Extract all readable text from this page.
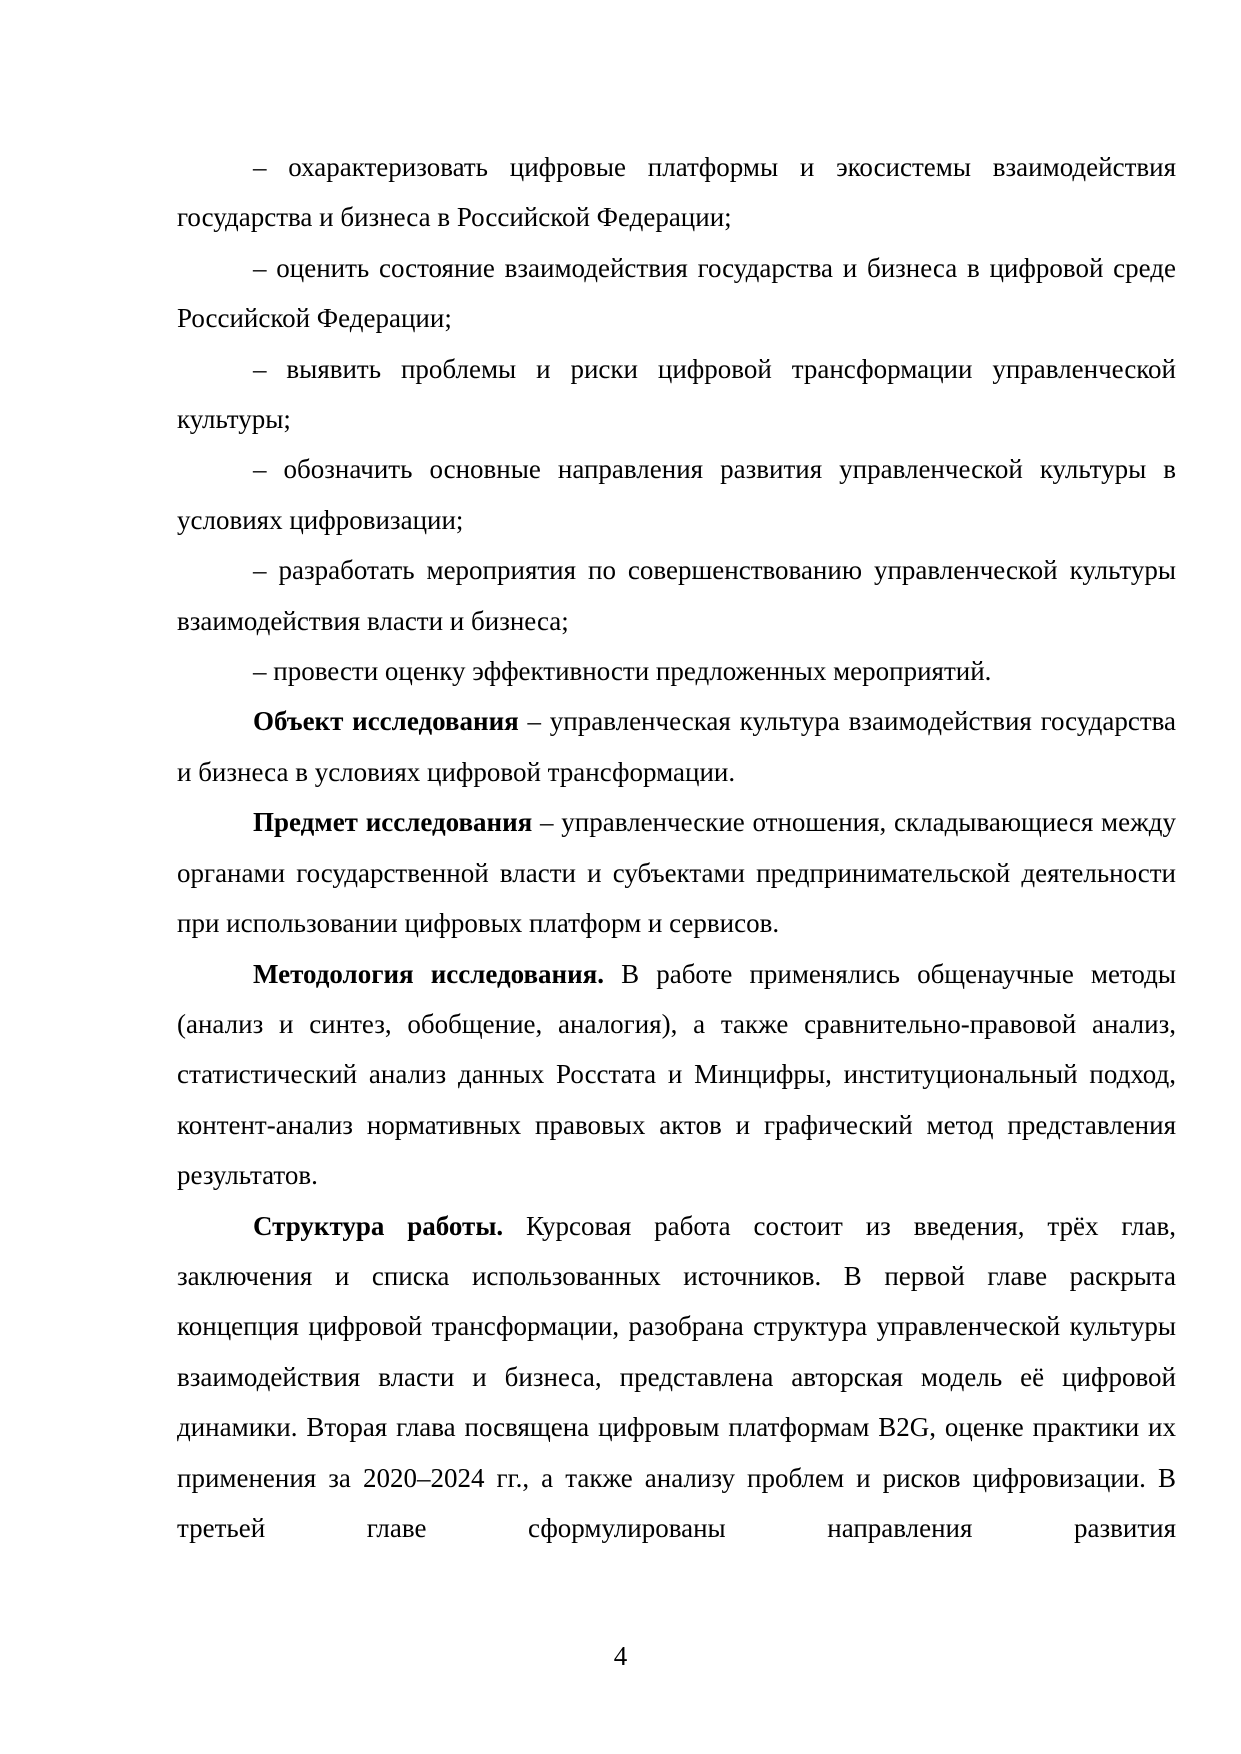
– охарактеризовать цифровые платформы и экосистемы взаимодействия государства и бизнеса в Российской Федерации;

– оценить состояние взаимодействия государства и бизнеса в цифровой среде Российской Федерации;

– выявить проблемы и риски цифровой трансформации управленческой культуры;

– обозначить основные направления развития управленческой культуры в условиях цифровизации;

– разработать мероприятия по совершенствованию управленческой культуры взаимодействия власти и бизнеса;

– провести оценку эффективности предложенных мероприятий.

Объект исследования – управленческая культура взаимодействия государства и бизнеса в условиях цифровой трансформации.

Предмет исследования – управленческие отношения, складывающиеся между органами государственной власти и субъектами предпринимательской деятельности при использовании цифровых платформ и сервисов.

Методология исследования. В работе применялись общенаучные методы (анализ и синтез, обобщение, аналогия), а также сравнительно-правовой анализ, статистический анализ данных Росстата и Минцифры, институциональный подход, контент-анализ нормативных правовых актов и графический метод представления результатов.

Структура работы. Курсовая работа состоит из введения, трёх глав, заключения и списка использованных источников. В первой главе раскрыта концепция цифровой трансформации, разобрана структура управленческой культуры взаимодействия власти и бизнеса, представлена авторская модель её цифровой динамики. Вторая глава посвящена цифровым платформам B2G, оценке практики их применения за 2020–2024 гг., а также анализу проблем и рисков цифровизации. В третьей главе сформулированы направления развития

4
